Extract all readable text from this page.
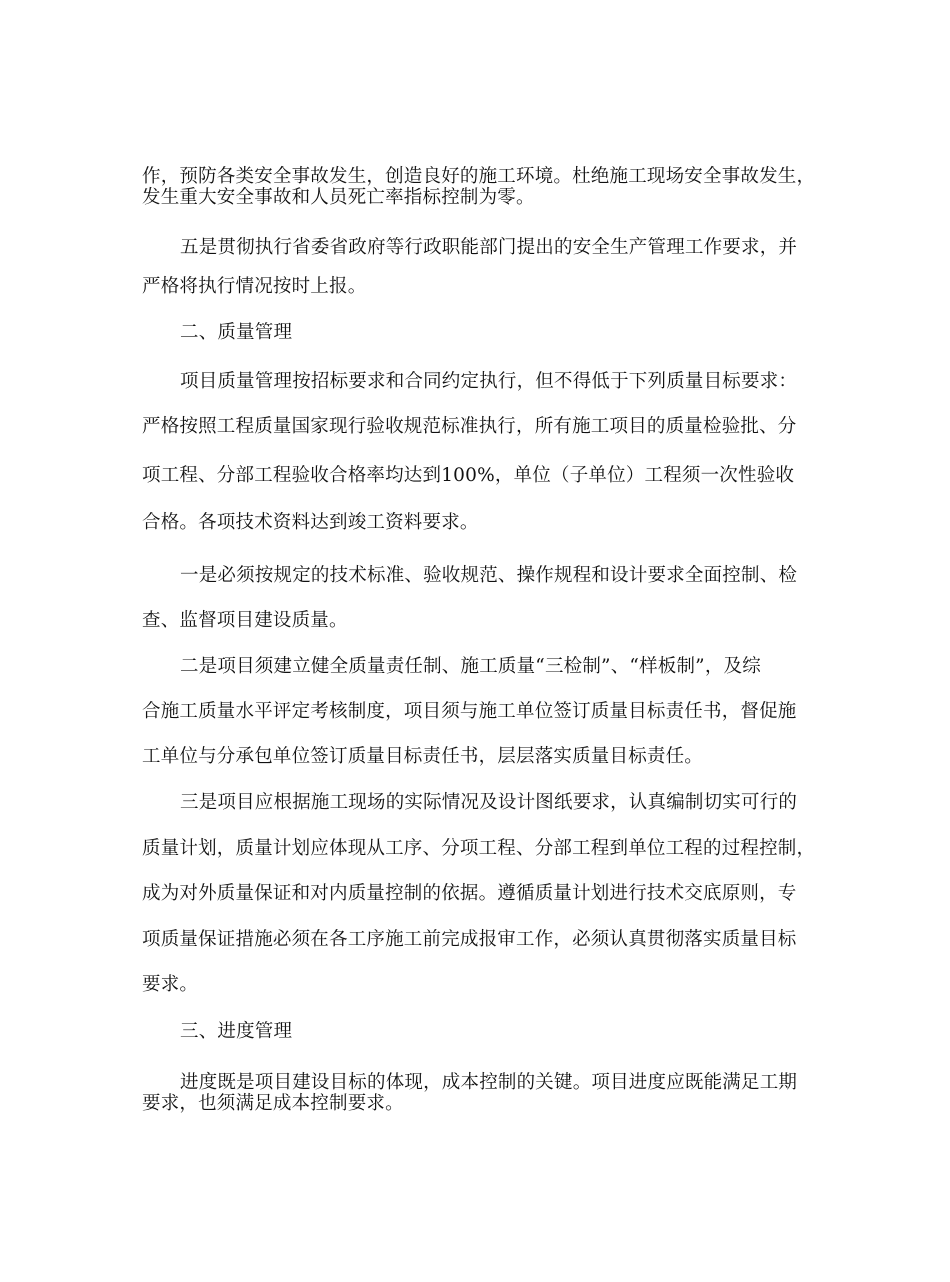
作，预防各类安全事故发生，创造良好的施工环境。杜绝施工现场安全事故发生，

发生重大安全事故和人员死亡率指标控制为零。

五是贯彻执行省委省政府等行政职能部门提出的安全生产管理工作要求，并

严格将执行情况按时上报。

二、质量管理

项目质量管理按招标要求和合同约定执行，但不得低于下列质量目标要求：

严格按照工程质量国家现行验收规范标准执行，所有施工项目的质量检验批、分

项工程、分部工程验收合格率均达到100%，单位（子单位）工程须一次性验收

合格。各项技术资料达到竣工资料要求。

一是必须按规定的技术标准、验收规范、操作规程和设计要求全面控制、检

查、监督项目建设质量。

二是项目须建立健全质量责任制、施工质量“三检制”、“样板制”，及综

合施工质量水平评定考核制度，项目须与施工单位签订质量目标责任书，督促施

工单位与分承包单位签订质量目标责任书，层层落实质量目标责任。

三是项目应根据施工现场的实际情况及设计图纸要求，认真编制切实可行的

质量计划，质量计划应体现从工序、分项工程、分部工程到单位工程的过程控制，

成为对外质量保证和对内质量控制的依据。遵循质量计划进行技术交底原则，专

项质量保证措施必须在各工序施工前完成报审工作，必须认真贯彻落实质量目标

要求。

三、进度管理

进度既是项目建设目标的体现，成本控制的关键。项目进度应既能满足工期

要求，也须满足成本控制要求。
